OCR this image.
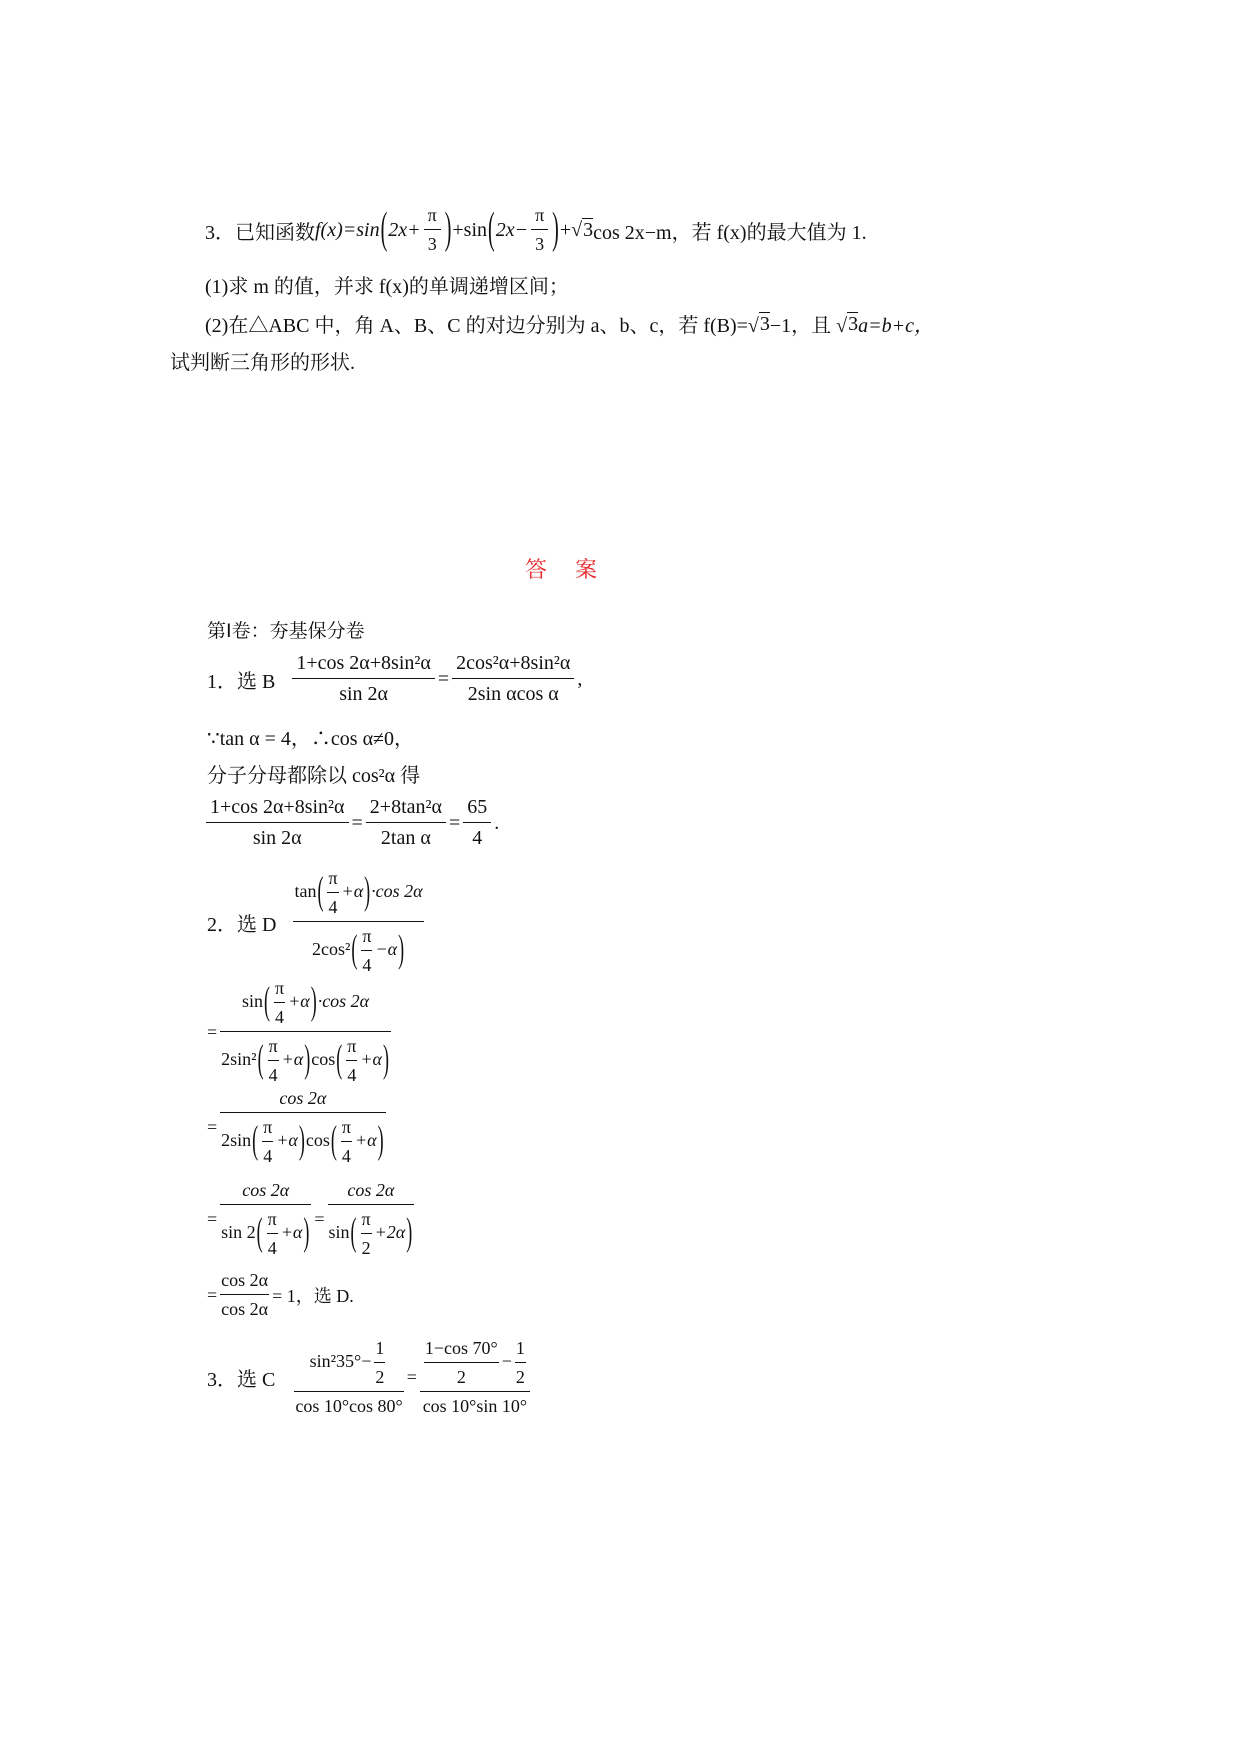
3．已知函数 f(x)=sin ( $2x+ \frac{\pi}{3}$ ) +sin ( $2x- \frac{\pi}{3}$ ) +√ 3 cos 2x−m，若 f(x)的最大值为 1.
(1)求 m 的值，并求 f(x)的单调递增区间；
(2)在△ABC 中，角 A、B、C 的对边分别为 a、b、c，若 f(B)=√ 3 −1，且 √ 3 a=b+c，
试判断三角形的形状.
答案
第Ⅰ卷：夯基保分卷
1．选 B $\frac{\text{1+cos 2α+8sin²α}}{\sin 2\alpha} = \frac{\text{2cos²α+8sin²α}}{\text{2sin αcos α}}$ ,
∵tan α = 4，∴cos α≠0，
分子分母都除以 cos²α 得
$\frac{\text{1+cos 2α+8sin²α}}{\sin 2\alpha} = \frac{\text{2+8tan²α}}{\text{2tan α}} = \frac{65}{4}$ .
2．选 D $\frac{\tan( \frac{\pi}{4} +\alpha)\cdot\cos 2\alpha}{2\cos^2( \frac{\pi}{4} -\alpha)}$
= $\frac{\sin( \frac{\pi}{4} +\alpha)\cdot\cos 2\alpha}{2\sin^2( \frac{\pi}{4} +\alpha)\cos( \frac{\pi}{4} +\alpha)}$
= $\frac{\cos 2\alpha}{2\sin( \frac{\pi}{4} +\alpha)\cos( \frac{\pi}{4} +\alpha)}$
= $\frac{\cos 2\alpha}{\sin 2( \frac{\pi}{4} +\alpha)} = \frac{\cos 2\alpha}{\sin( \frac{\pi}{2} +2\alpha)}$
= $\frac{\cos 2\alpha}{\cos 2\alpha} = 1$，选 D.
3．选 C $\frac{\sin^235^\circ- \frac{1}{2}}{\cos 10^\circ\cos 80^\circ} = \frac{\frac{1-\cos 70^\circ}{2} - \frac{1}{2}}{\cos 10^\circ\sin 10^\circ}$
